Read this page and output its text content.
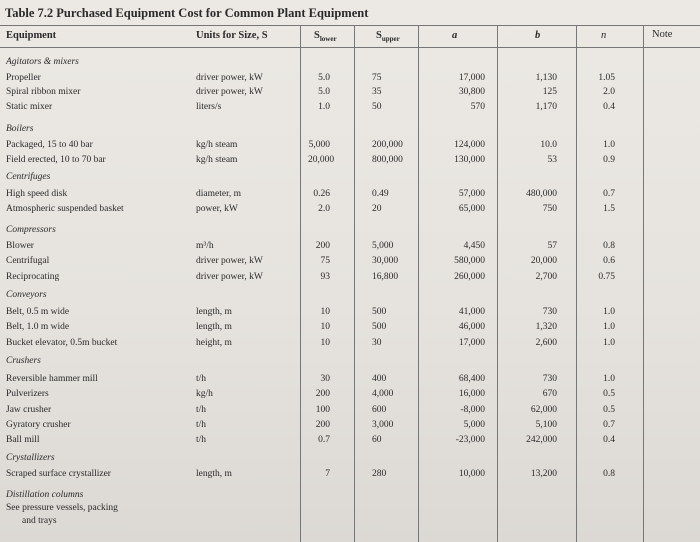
Table 7.2 Purchased Equipment Cost for Common Plant Equipment
Equipment	Units for Size, S	$S_{lower}$	$S_{upper}$	a	b	n	Note
Agitators & mixers
Propeller	driver power, kW	5.0	75	17,000	1,130	1.05
Spiral ribbon mixer	driver power, kW	5.0	35	30,800	125	2.0
Static mixer	liters/s	1.0	50	570	1,170	0.4
Boilers
Packaged, 15 to 40 bar	kg/h steam	5,000	200,000	124,000	10.0	1.0
Field erected, 10 to 70 bar	kg/h steam	20,000	800,000	130,000	53	0.9
Centrifuges
High speed disk	diameter, m	0.26	0.49	57,000	480,000	0.7
Atmospheric suspended basket	power, kW	2.0	20	65,000	750	1.5
Compressors
Blower	m³/h	200	5,000	4,450	57	0.8
Centrifugal	driver power, kW	75	30,000	580,000	20,000	0.6
Reciprocating	driver power, kW	93	16,800	260,000	2,700	0.75
Conveyors
Belt, 0.5 m wide	length, m	10	500	41,000	730	1.0
Belt, 1.0 m wide	length, m	10	500	46,000	1,320	1.0
Bucket elevator, 0.5m bucket	height, m	10	30	17,000	2,600	1.0
Crushers
Reversible hammer mill	t/h	30	400	68,400	730	1.0
Pulverizers	kg/h	200	4,000	16,000	670	0.5
Jaw crusher	t/h	100	600	-8,000	62,000	0.5
Gyratory crusher	t/h	200	3,000	5,000	5,100	0.7
Ball mill	t/h	0.7	60	-23,000	242,000	0.4
Crystallizers
Scraped surface crystallizer	length, m	7	280	10,000	13,200	0.8
Distillation columns
See pressure vessels, packing
and trays
